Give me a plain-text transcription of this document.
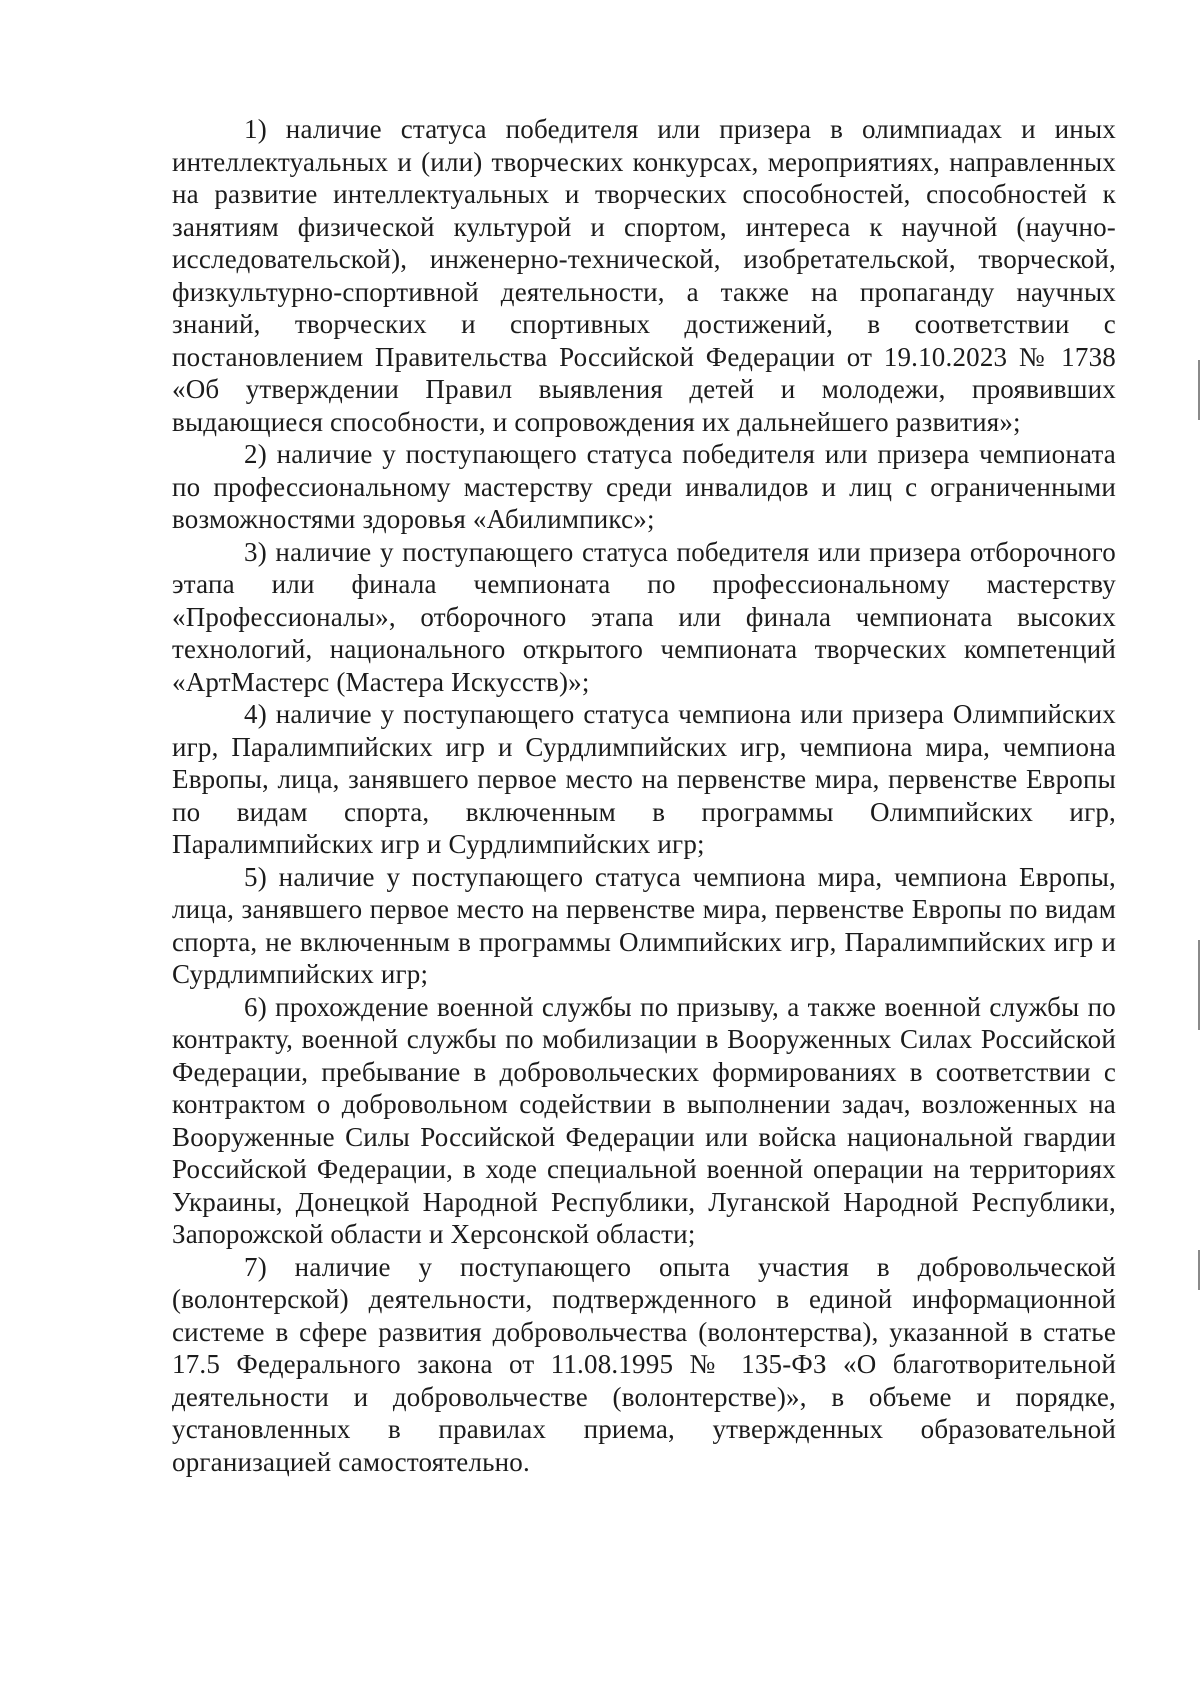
1) наличие статуса победителя или призера в олимпиадах и иных интеллектуальных и (или) творческих конкурсах, мероприятиях, направленных на развитие интеллектуальных и творческих способностей, способностей к занятиям физической культурой и спортом, интереса к научной (научно-исследовательской), инженерно-технической, изобретательской, творческой, физкультурно-спортивной деятельности, а также на пропаганду научных знаний, творческих и спортивных достижений, в соответствии с постановлением Правительства Российской Федерации от 19.10.2023 № 1738 «Об утверждении Правил выявления детей и молодежи, проявивших выдающиеся способности, и сопровождения их дальнейшего развития»;

2) наличие у поступающего статуса победителя или призера чемпионата по профессиональному мастерству среди инвалидов и лиц с ограниченными возможностями здоровья «Абилимпикс»;

3) наличие у поступающего статуса победителя или призера отборочного этапа или финала чемпионата по профессиональному мастерству «Профессионалы», отборочного этапа или финала чемпионата высоких технологий, национального открытого чемпионата творческих компетенций «АртМастерс (Мастера Искусств)»;

4) наличие у поступающего статуса чемпиона или призера Олимпийских игр, Паралимпийских игр и Сурдлимпийских игр, чемпиона мира, чемпиона Европы, лица, занявшего первое место на первенстве мира, первенстве Европы по видам спорта, включенным в программы Олимпийских игр, Паралимпийских игр и Сурдлимпийских игр;

5) наличие у поступающего статуса чемпиона мира, чемпиона Европы, лица, занявшего первое место на первенстве мира, первенстве Европы по видам спорта, не включенным в программы Олимпийских игр, Паралимпийских игр и Сурдлимпийских игр;

6) прохождение военной службы по призыву, а также военной службы по контракту, военной службы по мобилизации в Вооруженных Силах Российской Федерации, пребывание в добровольческих формированиях в соответствии с контрактом о добровольном содействии в выполнении задач, возложенных на Вооруженные Силы Российской Федерации или войска национальной гвардии Российской Федерации, в ходе специальной военной операции на территориях Украины, Донецкой Народной Республики, Луганской Народной Республики, Запорожской области и Херсонской области;

7) наличие у поступающего опыта участия в добровольческой (волонтерской) деятельности, подтвержденного в единой информационной системе в сфере развития добровольчества (волонтерства), указанной в статье 17.5 Федерального закона от 11.08.1995 № 135-ФЗ «О благотворительной деятельности и добровольчестве (волонтерстве)», в объеме и порядке, установленных в правилах приема, утвержденных образовательной организацией самостоятельно.
